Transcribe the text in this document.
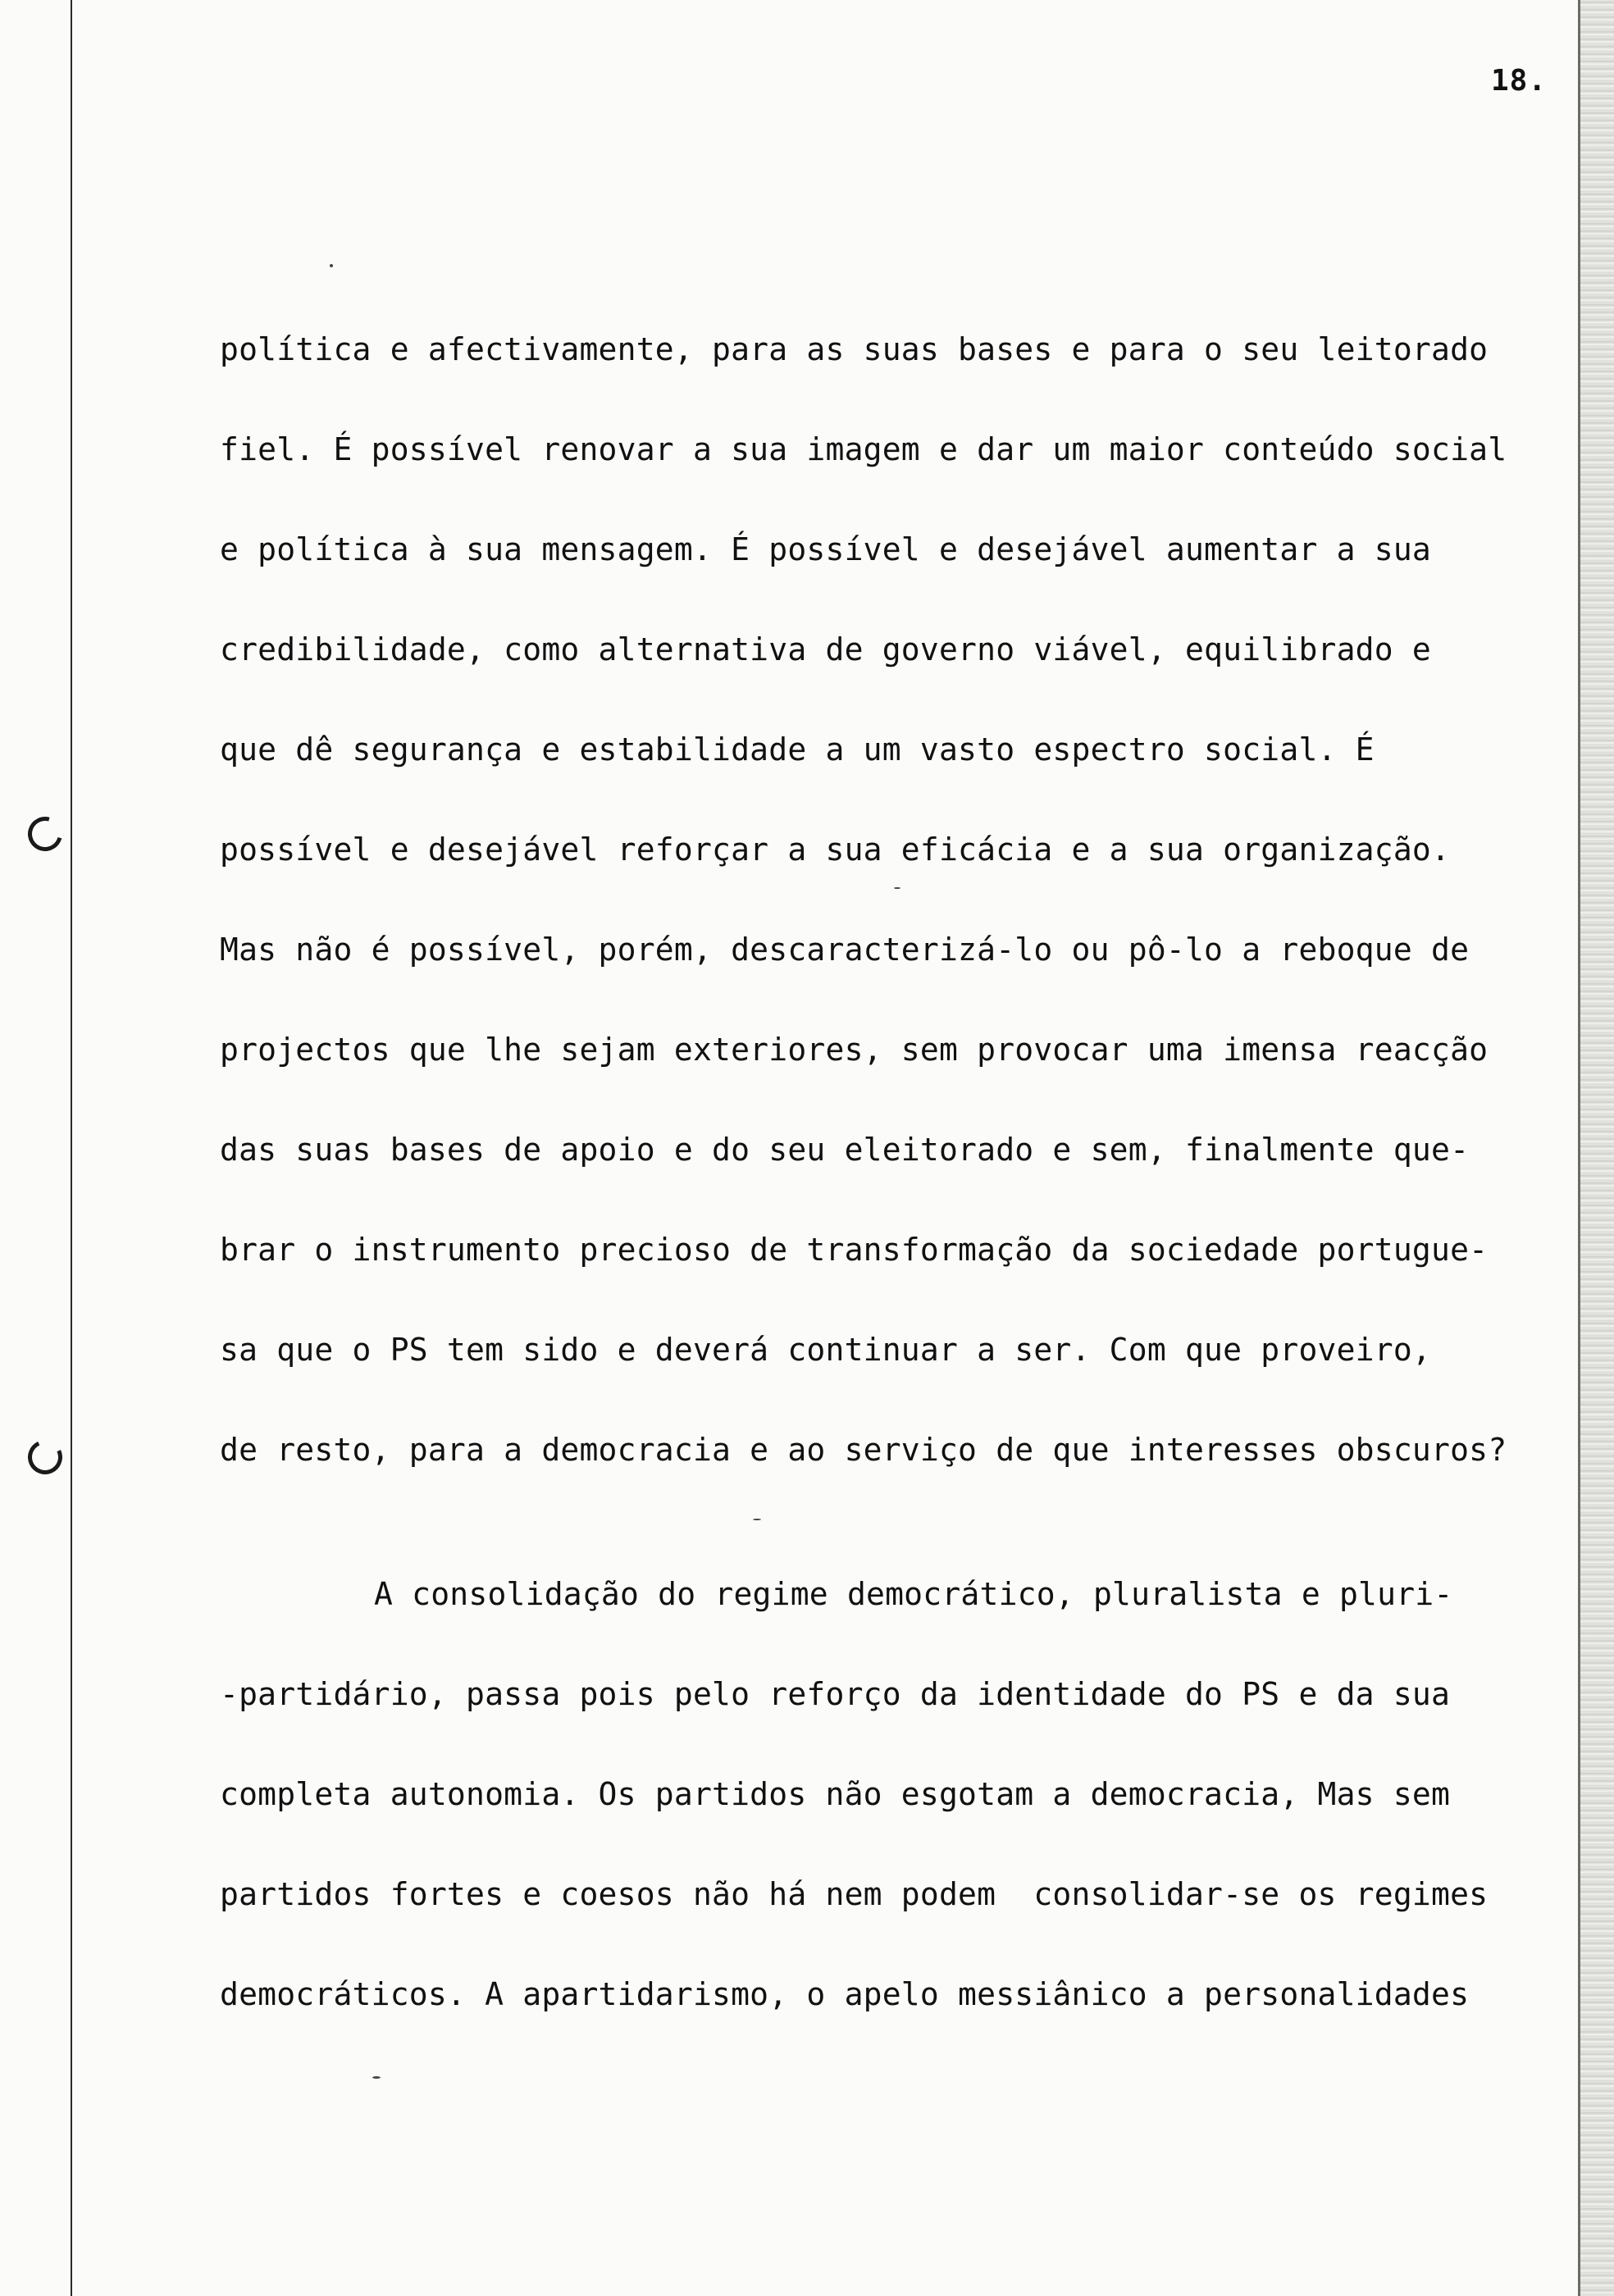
18.
política e afectivamente, para as suas bases e para o seu leitorado
fiel. É possível renovar a sua imagem e dar um maior conteúdo social
e política à sua mensagem. É possível e desejável aumentar a sua
credibilidade, como alternativa de governo viável, equilibrado e
que dê segurança e estabilidade a um vasto espectro social. É
possível e desejável reforçar a sua eficácia e a sua organização.
Mas não é possível, porém, descaracterizá-lo ou pô-lo a reboque de
projectos que lhe sejam exteriores, sem provocar uma imensa reacção
das suas bases de apoio e do seu eleitorado e sem, finalmente que-
brar o instrumento precioso de transformação da sociedade portugue-
sa que o PS tem sido e deverá continuar a ser. Com que proveiro,
de resto, para a democracia e ao serviço de que interesses obscuros?
A consolidação do regime democrático, pluralista e pluri-
-partidário, passa pois pelo reforço da identidade do PS e da sua
completa autonomia. Os partidos não esgotam a democracia, Mas sem
partidos fortes e coesos não há nem podem  consolidar-se os regimes
democráticos. A apartidarismo, o apelo messiânico a personalidades
